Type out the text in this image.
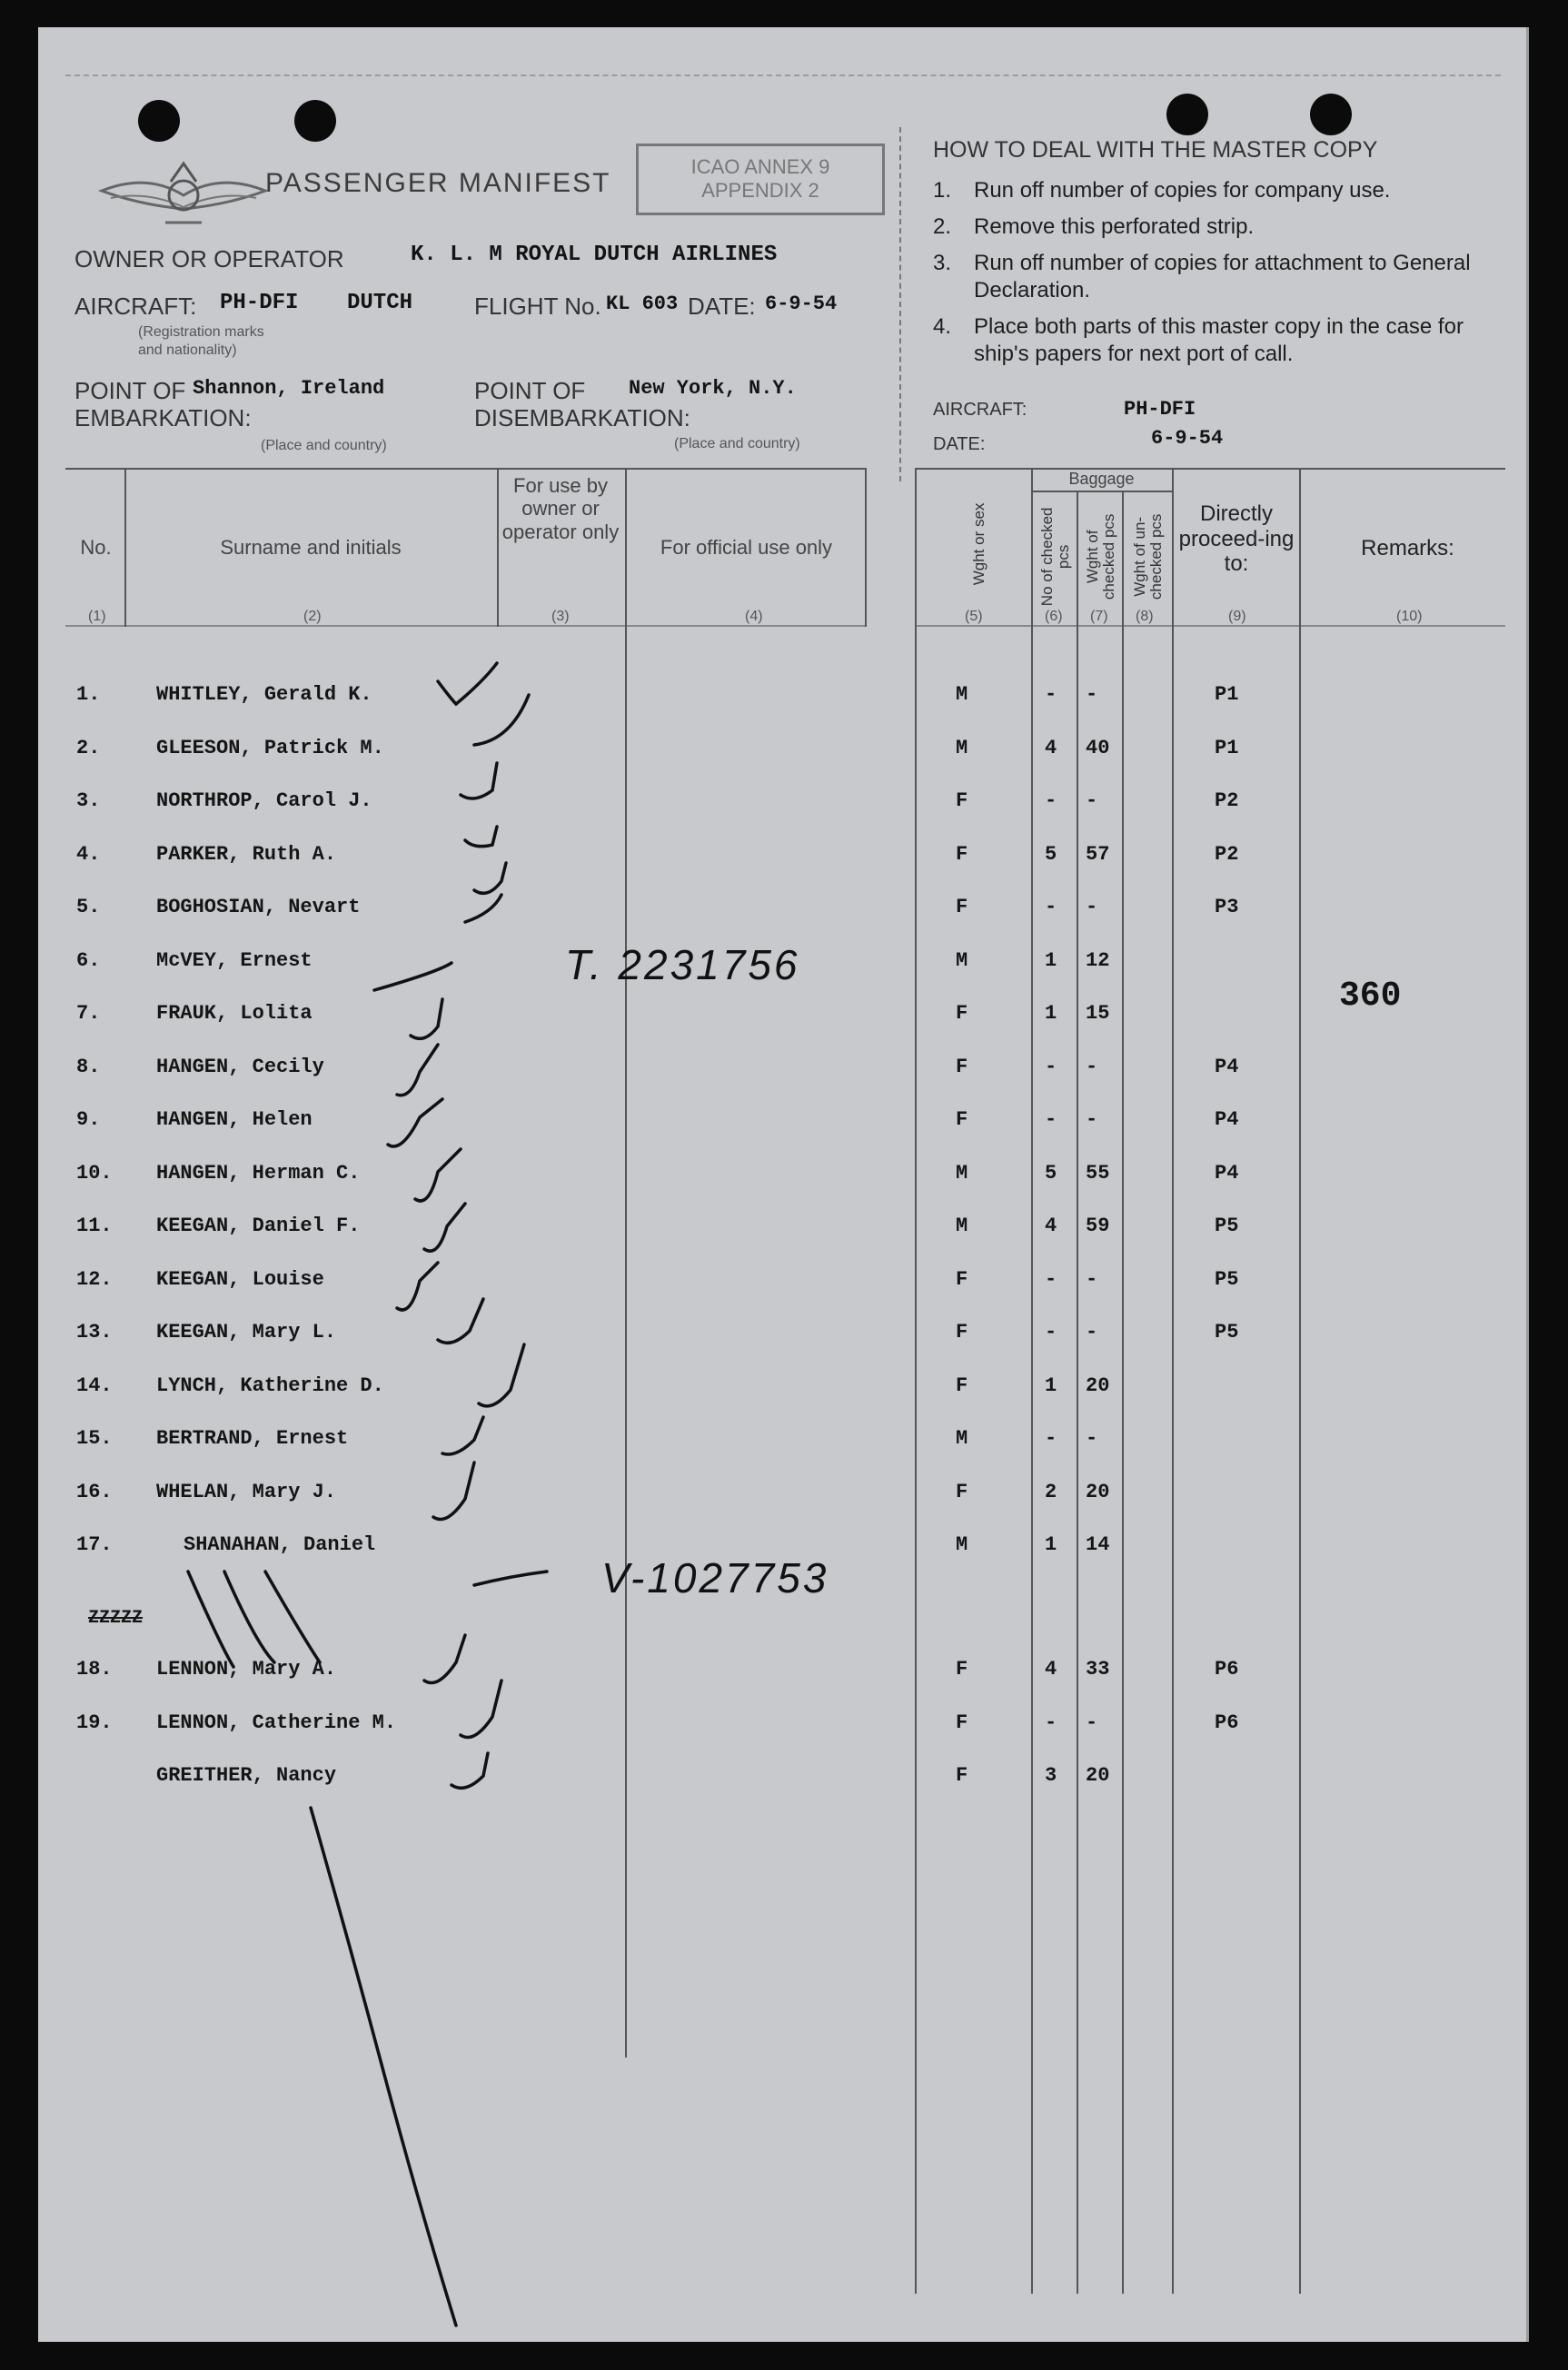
PASSENGER MANIFEST
ICAO ANNEX 9
APPENDIX 2
OWNER OR OPERATOR	K. L. M ROYAL DUTCH AIRLINES
AIRCRAFT: PH-DFI DUTCH
(Registration marks
and nationality)
FLIGHT No. KL 603 DATE: 6-9-54
POINT OF
EMBARKATION:
Shannon, Ireland
(Place and country)
POINT OF
DISEMBARKATION:
New York, N.Y.
(Place and country)
HOW TO DEAL WITH THE MASTER COPY
1.	Run off number of copies for company use.
2.	Remove this perforated strip.
3.	Run off number of copies for attachment to General Declaration.
4.	Place both parts of this master copy in the case for ship's papers for next port of call.
AIRCRAFT:	PH-DFI
DATE:	6-9-54
No.	Surname and initials
For use by owner or operator only
For official use only	Wght or sex
Baggage
No of checked pcs Wght of checked pcs Wght of un-checked pcs
Directly proceed-ing to:
Remarks:
(1)	(2)	(3)	(4)	(5)	(6) (7) (8)	(9)	(10)
1.	WHITLEY, Gerald K.	M	- -	P1
2.	GLEESON, Patrick M.	M	4 40	P1
3.	NORTHROP, Carol J.	F	- -	P2
4.	PARKER, Ruth A.	F	5 57	P2
5.	BOGHOSIAN, Nevart	F	- -	P3
6.	McVEY, Ernest	M	1 12
7.	FRAUK, Lolita	F	1 15
8.	HANGEN, Cecily	F	- -	P4
9.	HANGEN, Helen	F	- -	P4
10. HANGEN, Herman C.	M	5 55	P4
11. KEEGAN, Daniel F.	M	4 59	P5
12. KEEGAN, Louise	F	- -	P5
13. KEEGAN, Mary L.	F	- -	P5
14. LYNCH, Katherine D.	F	1 20
15. BERTRAND, Ernest	M	- -
16. WHELAN, Mary J.	F	2 20
17.	SHANAHAN, Daniel	M	1 14
18. LENNON, Mary A.	F	4 33	P6
19. LENNON, Catherine M.	F	- -	P6
GREITHER, Nancy	F	3 20
ZZZZZ
T. 2231756
V-1027753
360
